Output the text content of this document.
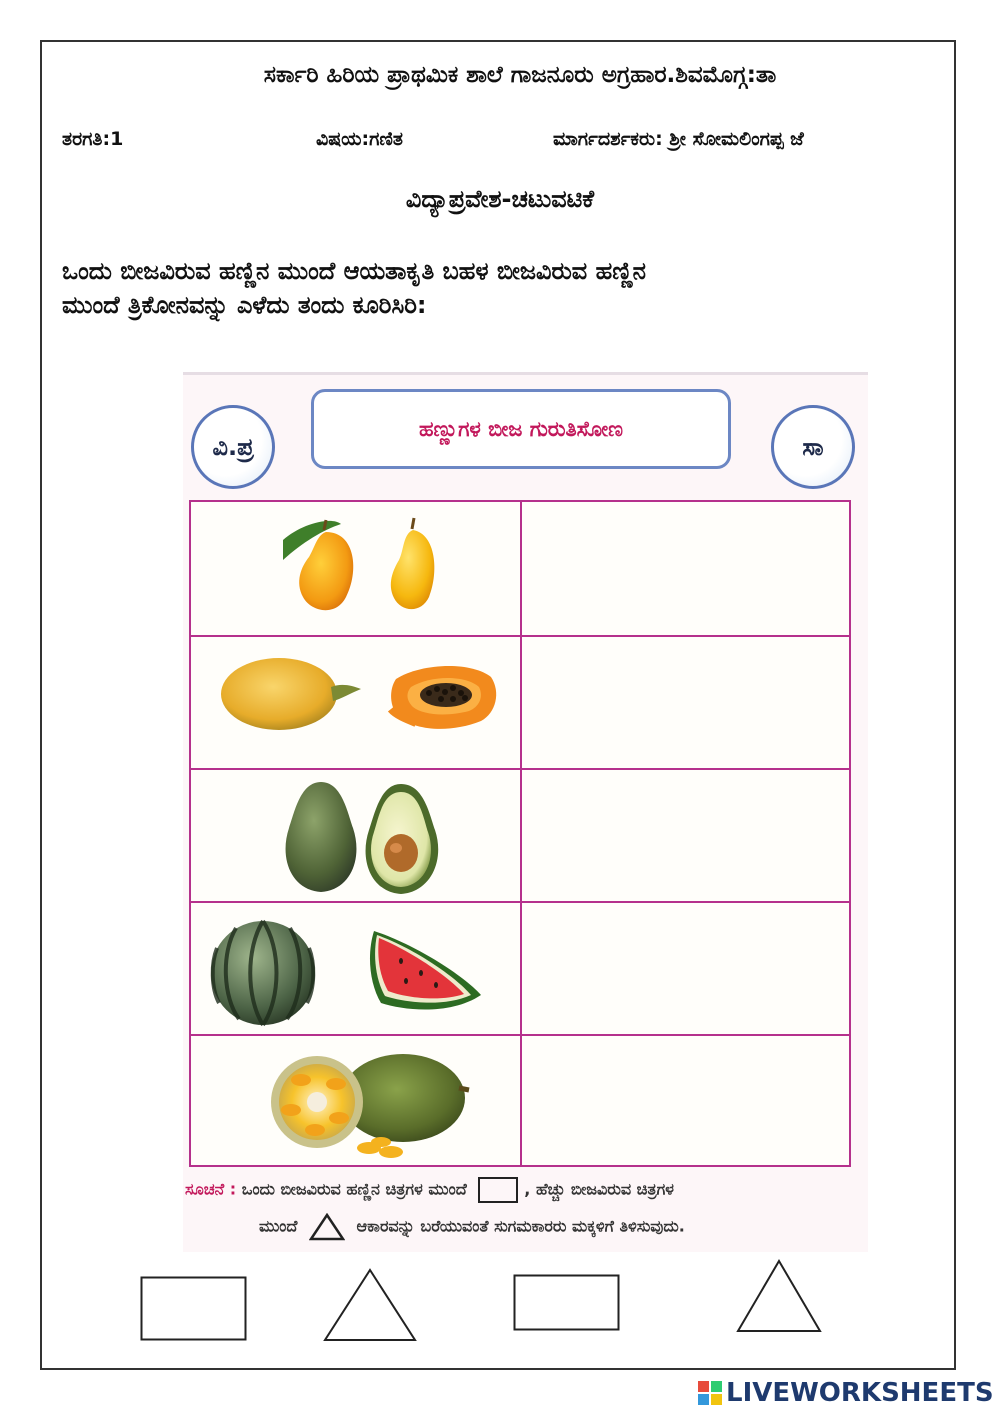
ಸರ್ಕಾರಿ ಹಿರಿಯ ಪ್ರಾಥಮಿಕ ಶಾಲೆ ಗಾಜನೂರು ಅಗ್ರಹಾರ.ಶಿವಮೊಗ್ಗ:ತಾ
ತರಗತಿ:1	ವಿಷಯ:ಗಣಿತ	ಮಾರ್ಗದರ್ಶಕರು: ಶ್ರೀ ಸೋಮಲಿಂಗಪ್ಪ ಜೆ
ವಿದ್ಯಾಪ್ರವೇಶ-ಚಟುವಟಿಕೆ
ಒಂದು ಬೀಜವಿರುವ ಹಣ್ಣಿನ ಮುಂದೆ ಆಯತಾಕೃತಿ ಬಹಳ ಬೀಜವಿರುವ ಹಣ್ಣಿನ
ಮುಂದೆ ತ್ರಿಕೋನವನ್ನು ಎಳೆದು ತಂದು ಕೂರಿಸಿರಿ:
ವಿ.ಪ್ರ
ಹಣ್ಣುಗಳ ಬೀಜ ಗುರುತಿಸೋಣ
ಸಾ
ಸೂಚನೆ : ಒಂದು ಬೀಜವಿರುವ ಹಣ್ಣಿನ ಚಿತ್ರಗಳ ಮುಂದೆ	, ಹೆಚ್ಚು ಬೀಜವಿರುವ ಚಿತ್ರಗಳ
ಮುಂದೆ	ಆಕಾರವನ್ನು ಬರೆಯುವಂತೆ ಸುಗಮಕಾರರು ಮಕ್ಕಳಿಗೆ ತಿಳಿಸುವುದು.
LIVEWORKSHEETS
